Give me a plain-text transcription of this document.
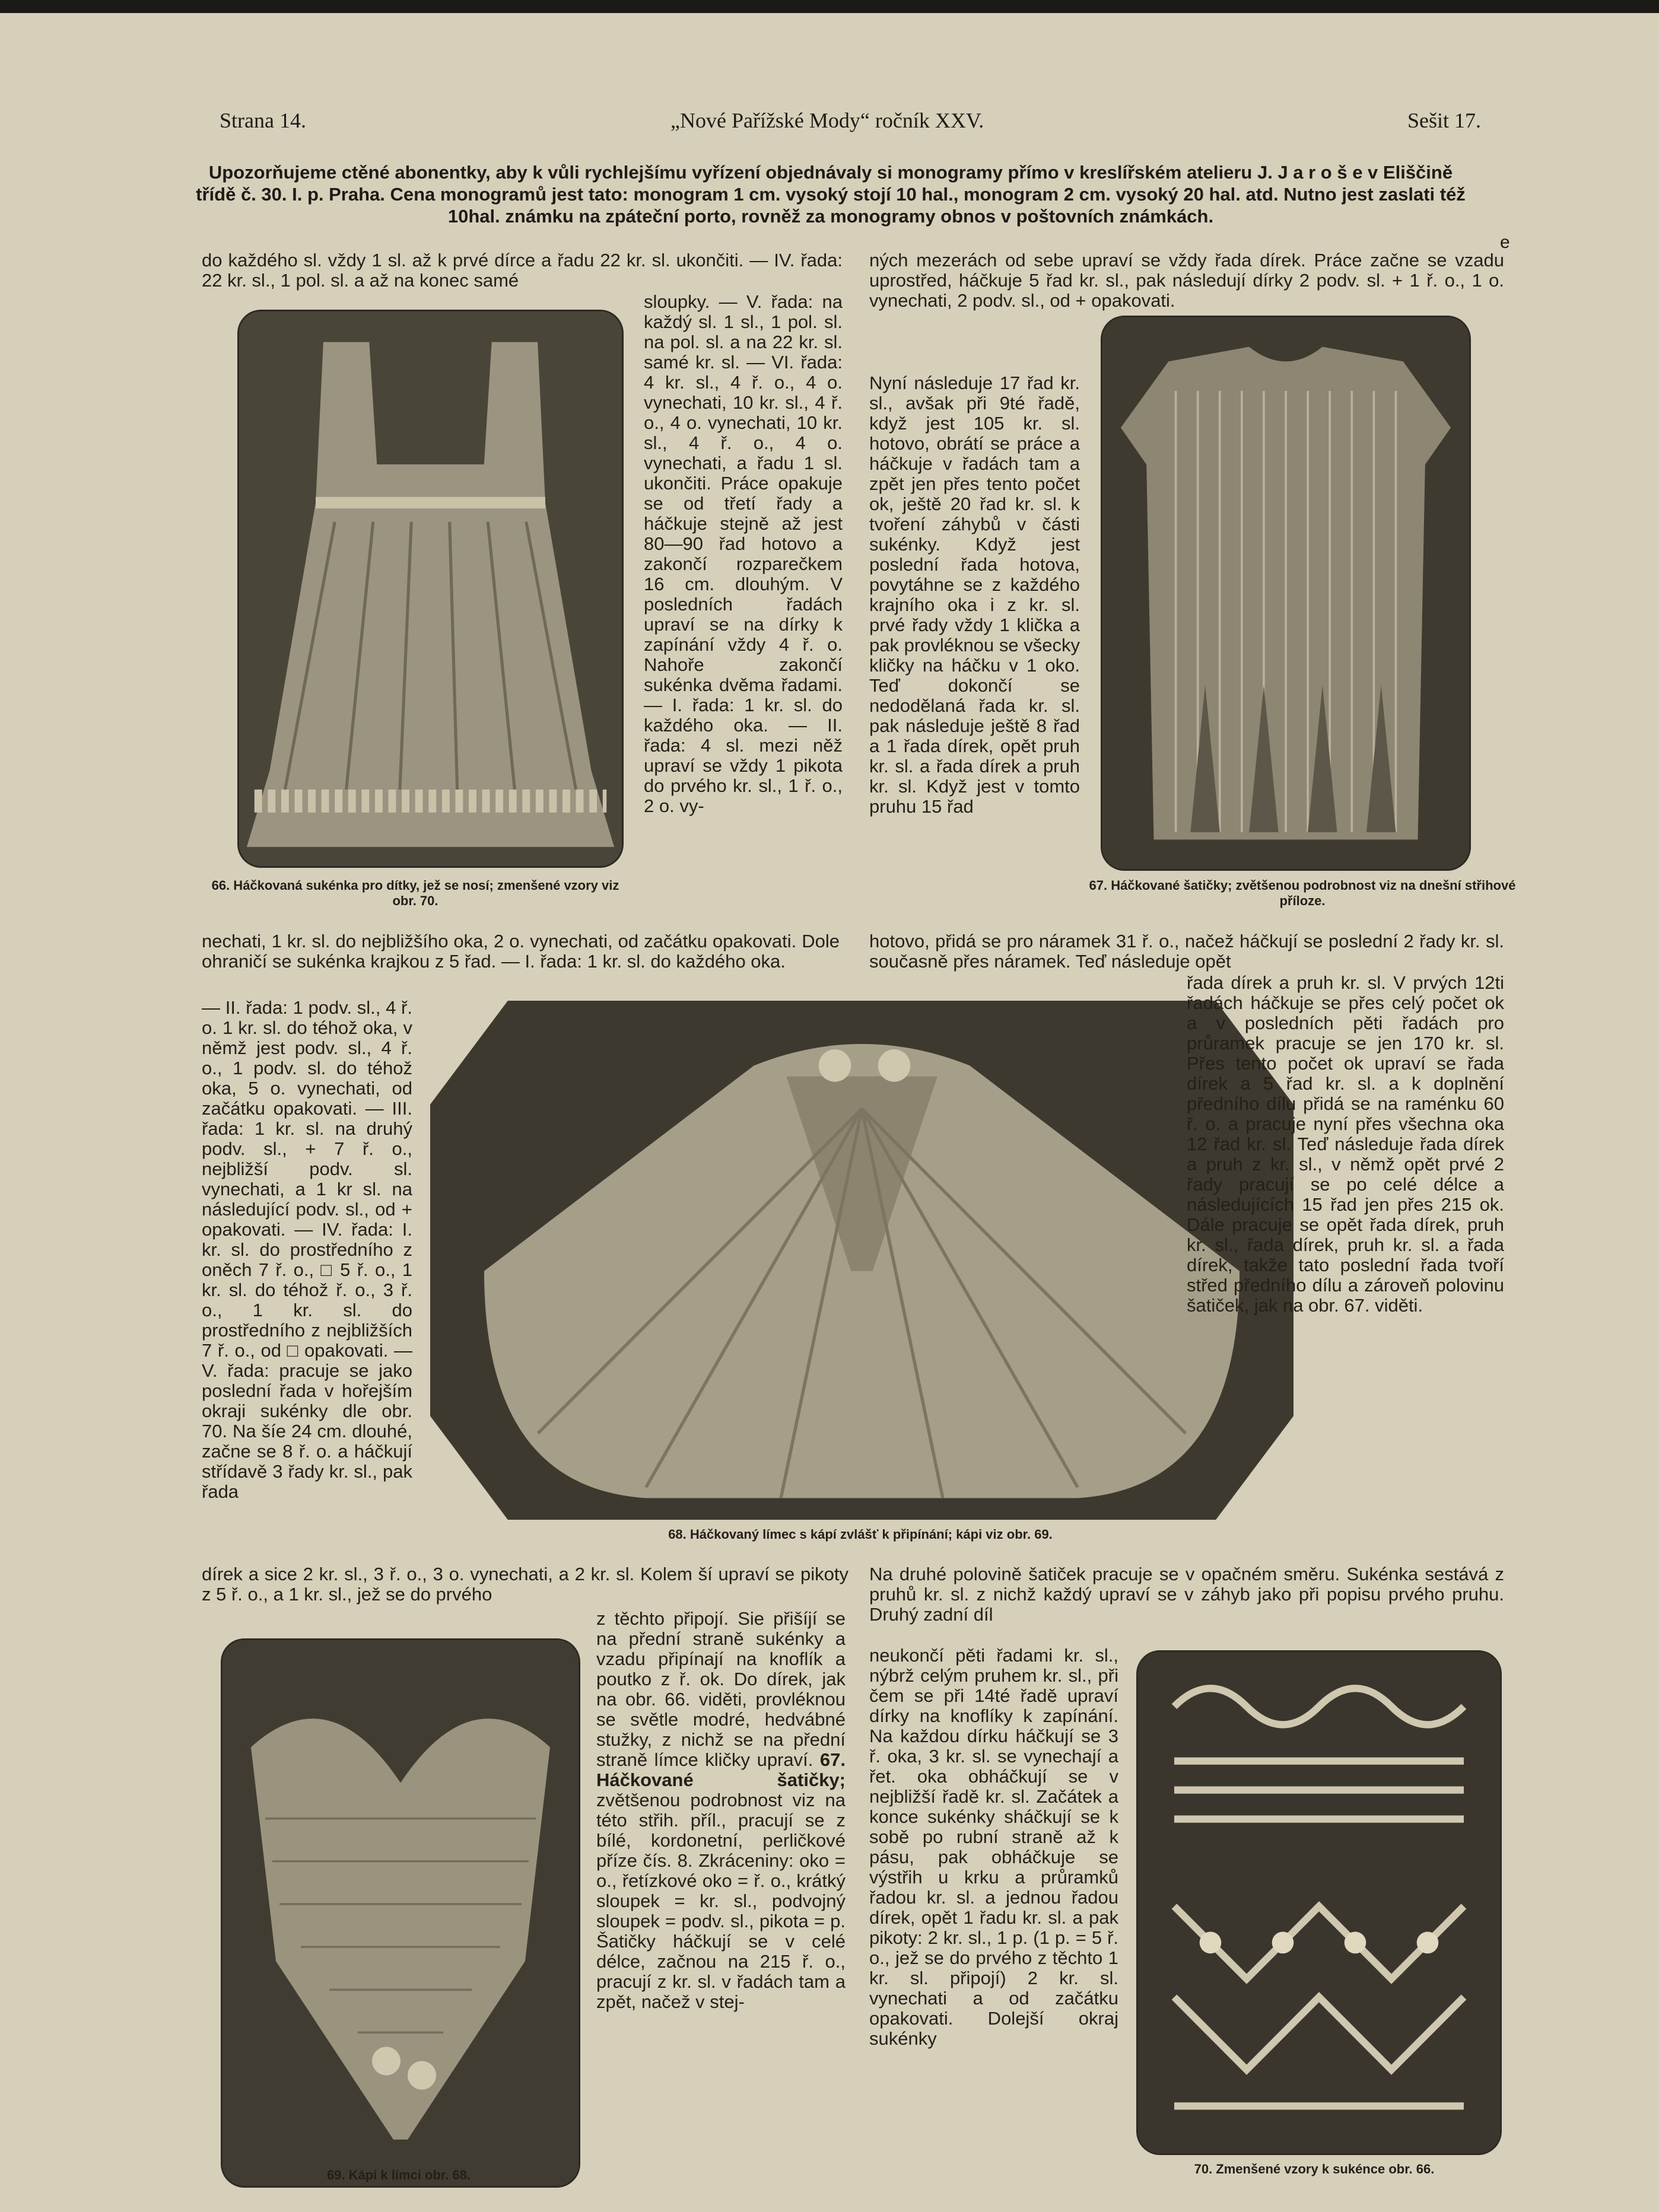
Strana 14.	„Nové Pařížské Mody“ ročník XXV.	Sešit 17.
Upozorňujeme ctěné abonentky, aby k vůli rychlejšímu vyřízení objednávaly si monogramy přímo v kreslířském atelieru J. J a r o š e v Eliščině třídě č. 30. I. p. Praha. Cena monogramů jest tato: monogram 1 cm. vysoký stojí 10 hal., monogram 2 cm. vysoký 20 hal. atd. Nutno jest zaslati též 10hal. známku na zpáteční porto, rovněž za monogramy obnos v poštovních známkách.
e
66. Háčkovaná sukénka pro dítky, jež se nosí; zmenšené vzory viz obr. 70.
67. Háčkované šatičky; zvětšenou podrobnost viz na dnešní střihové příloze.
68. Háčkovaný límec s kápí zvlášť k připínání; kápi viz obr. 69.
69. Kápi k límci obr. 68.	70. Zmenšené vzory k sukénce obr. 66.
do každého sl. vždy 1 sl. až k prvé dírce a řadu 22 kr. sl. ukončiti. — IV. řada: 22 kr. sl., 1 pol. sl. a až na konec samé
sloupky. — V. řada: na každý sl. 1 sl., 1 pol. sl. na pol. sl. a na 22 kr. sl. samé kr. sl. — VI. řada: 4 kr. sl., 4 ř. o., 4 o. vynechati, 10 kr. sl., 4 ř. o., 4 o. vynechati, 10 kr. sl., 4 ř. o., 4 o. vynechati, a řadu 1 sl. ukončiti. Práce opakuje se od třetí řady a háčkuje stejně až jest 80—90 řad hotovo a zakončí rozparečkem 16 cm. dlouhým. V posledních řadách upraví se na dírky k zapínání vždy 4 ř. o. Nahoře zakončí sukénka dvěma řadami. — I. řada: 1 kr. sl. do každého oka. — II. řada: 4 sl. mezi něž upraví se vždy 1 pikota do prvého kr. sl., 1 ř. o., 2 o. vy-
nechati, 1 kr. sl. do nejbližšího oka, 2 o. vynechati, od začátku opakovati. Dole ohraničí se sukénka krajkou z 5 řad. — I. řada: 1 kr. sl. do každého oka.
— II. řada: 1 podv. sl., 4 ř. o. 1 kr. sl. do téhož oka, v němž jest podv. sl., 4 ř. o., 1 podv. sl. do téhož oka, 5 o. vynechati, od začátku opakovati. — III. řada: 1 kr. sl. na druhý podv. sl., + 7 ř. o., nejbližší podv. sl. vynechati, a 1 kr sl. na následující podv. sl., od + opakovati. — IV. řada: I. kr. sl. do prostředního z oněch 7 ř. o., □ 5 ř. o., 1 kr. sl. do téhož ř. o., 3 ř. o., 1 kr. sl. do prostředního z nejbližších 7 ř. o., od □ opakovati. — V. řada: pracuje se jako poslední řada v hořejším okraji sukénky dle obr. 70. Na šíe 24 cm. dlouhé, začne se 8 ř. o. a háčkují střídavě 3 řady kr. sl., pak řada
dírek a sice 2 kr. sl., 3 ř. o., 3 o. vynechati, a 2 kr. sl. Kolem ší upraví se pikoty z 5 ř. o., a 1 kr. sl., jež se do prvého
z těchto připojí. Sie přišíjí se na přední straně sukénky a vzadu připínají na knoflík a poutko z ř. ok. Do dírek, jak na obr. 66. viděti, provléknou se světle modré, hedvábné stužky, z nichž se na přední straně límce kličky upraví. 67. Háčkované šatičky; zvětšenou podrobnost viz na této střih. příl., pracují se z bílé, kordonetní, perličkové příze čís. 8. Zkráceniny: oko = o., řetízkové oko = ř. o., krátký sloupek = kr. sl., podvojný sloupek = podv. sl., pikota = p. Šatičky háčkují se v celé délce, začnou na 215 ř. o., pracují z kr. sl. v řadách tam a zpět, načež v stej-
ných mezerách od sebe upraví se vždy řada dírek. Práce začne se vzadu uprostřed, háčkuje 5 řad kr. sl., pak následují dírky 2 podv. sl. + 1 ř. o., 1 o. vynechati, 2 podv. sl., od + opakovati.
Nyní následuje 17 řad kr. sl., avšak při 9té řadě, když jest 105 kr. sl. hotovo, obrátí se práce a háčkuje v řadách tam a zpět jen přes tento počet ok, ještě 20 řad kr. sl. k tvoření záhybů v části sukénky. Když jest poslední řada hotova, povytáhne se z každého krajního oka i z kr. sl. prvé řady vždy 1 klička a pak provléknou se všecky kličky na háčku v 1 oko. Teď dokončí se nedodělaná řada kr. sl. pak následuje ještě 8 řad a 1 řada dírek, opět pruh kr. sl. a řada dírek a pruh kr. sl. Když jest v tomto pruhu 15 řad
hotovo, přidá se pro náramek 31 ř. o., načež háčkují se poslední 2 řady kr. sl. současně přes náramek. Teď následuje opět
řada dírek a pruh kr. sl. V prvých 12ti řadách háčkuje se přes celý počet ok a v posledních pěti řadách pro průramek pracuje se jen 170 kr. sl. Přes tento počet ok upraví se řada dírek a 5 řad kr. sl. a k doplnění předního dílu přidá se na raménku 60 ř. o. a pracuje nyní přes všechna oka 12 řad kr. sl. Teď následuje řada dírek a pruh z kr. sl., v němž opět prvé 2 řady pracují se po celé délce a následujících 15 řad jen přes 215 ok. Dále pracuje se opět řada dírek, pruh kr. sl., řada dírek, pruh kr. sl. a řada dírek, takže tato poslední řada tvoří střed předního dílu a zároveň polovinu šatiček, jak na obr. 67. viděti.
Na druhé polovině šatiček pracuje se v opačném směru. Sukénka sestává z pruhů kr. sl. z nichž každý upraví se v záhyb jako při popisu prvého pruhu. Druhý zadní díl
neukončí pěti řadami kr. sl., nýbrž celým pruhem kr. sl., při čem se při 14té řadě upraví dírky na knoflíky k zapínání. Na každou dírku háčkují se 3 ř. oka, 3 kr. sl. se vynechají a řet. oka obháčkují se v nejbližší řadě kr. sl. Začátek a konce sukénky sháčkují se k sobě po rubní straně až k pásu, pak obháčkuje se výstřih u krku a průramků řadou kr. sl. a jednou řadou dírek, opět 1 řadu kr. sl. a pak pikoty: 2 kr. sl., 1 p. (1 p. = 5 ř. o., jež se do prvého z těchto 1 kr. sl. připojí) 2 kr. sl. vynechati a od začátku opakovati. Dolejší okraj sukénky
